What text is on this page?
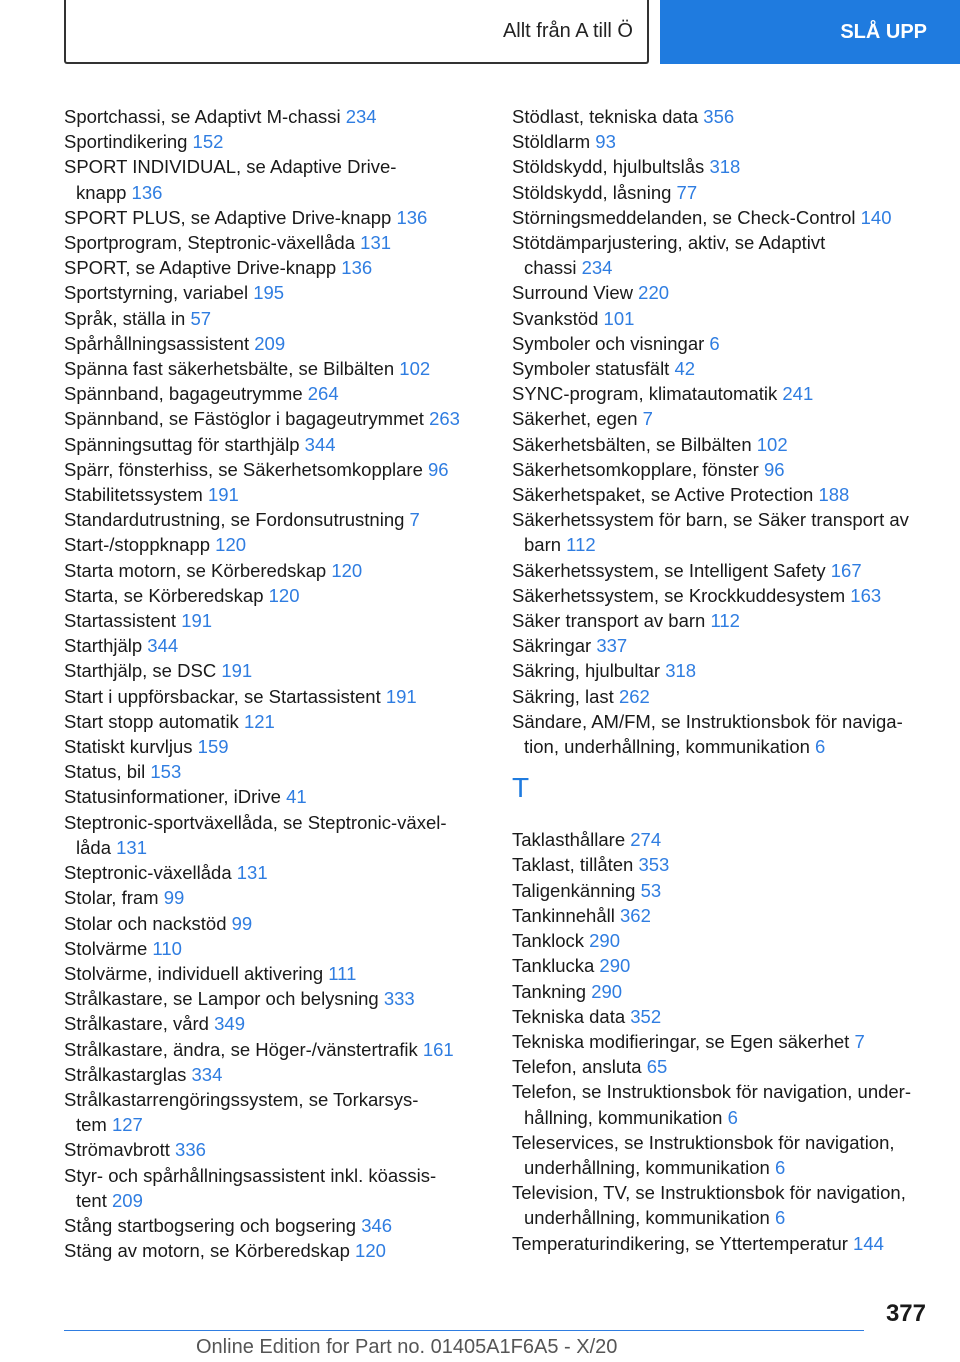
Allt från A till Ö	SLÅ UPP
Sportchassi, se Adaptivt M-chassi 234
Sportindikering 152
SPORT INDIVIDUAL, se Adaptive Drive-
knapp 136
SPORT PLUS, se Adaptive Drive-knapp 136
Sportprogram, Steptronic-växellåda 131
SPORT, se Adaptive Drive-knapp 136
Sportstyrning, variabel 195
Språk, ställa in 57
Spårhållningsassistent 209
Spänna fast säkerhetsbälte, se Bilbälten 102
Spännband, bagageutrymme 264
Spännband, se Fästöglor i bagageutrymmet 263
Spänningsuttag för starthjälp 344
Spärr, fönsterhiss, se Säkerhetsomkopplare 96
Stabilitetssystem 191
Standardutrustning, se Fordonsutrustning 7
Start-/stoppknapp 120
Starta motorn, se Körberedskap 120
Starta, se Körberedskap 120
Startassistent 191
Starthjälp 344
Starthjälp, se DSC 191
Start i uppförsbackar, se Startassistent 191
Start stopp automatik 121
Statiskt kurvljus 159
Status, bil 153
Statusinformationer, iDrive 41
Steptronic-sportväxellåda, se Steptronic-växel-
låda 131
Steptronic-växellåda 131
Stolar, fram 99
Stolar och nackstöd 99
Stolvärme 110
Stolvärme, individuell aktivering 111
Strålkastare, se Lampor och belysning 333
Strålkastare, vård 349
Strålkastare, ändra, se Höger-/vänstertrafik 161
Strålkastarglas 334
Strålkastarrengöringssystem, se Torkarsys-
tem 127
Strömavbrott 336
Styr- och spårhållningsassistent inkl. köassis-
tent 209
Stång startbogsering och bogsering 346
Stäng av motorn, se Körberedskap 120
Stödlast, tekniska data 356
Stöldlarm 93
Stöldskydd, hjulbultslås 318
Stöldskydd, låsning 77
Störningsmeddelanden, se Check-Control 140
Stötdämparjustering, aktiv, se Adaptivt
chassi 234
Surround View 220
Svankstöd 101
Symboler och visningar 6
Symboler statusfält 42
SYNC-program, klimatautomatik 241
Säkerhet, egen 7
Säkerhetsbälten, se Bilbälten 102
Säkerhetsomkopplare, fönster 96
Säkerhetspaket, se Active Protection 188
Säkerhetssystem för barn, se Säker transport av
barn 112
Säkerhetssystem, se Intelligent Safety 167
Säkerhetssystem, se Krockkuddesystem 163
Säker transport av barn 112
Säkringar 337
Säkring, hjulbultar 318
Säkring, last 262
Sändare, AM/FM, se Instruktionsbok för naviga-
tion, underhållning, kommunikation 6
T
Taklasthållare 274
Taklast, tillåten 353
Taligenkänning 53
Tankinnehåll 362
Tanklock 290
Tanklucka 290
Tankning 290
Tekniska data 352
Tekniska modifieringar, se Egen säkerhet 7
Telefon, ansluta 65
Telefon, se Instruktionsbok för navigation, under-
hållning, kommunikation 6
Teleservices, se Instruktionsbok för navigation,
underhållning, kommunikation 6
Television, TV, se Instruktionsbok för navigation,
underhållning, kommunikation 6
Temperaturindikering, se Yttertemperatur 144
377
Online Edition for Part no. 01405A1F6A5 - X/20
